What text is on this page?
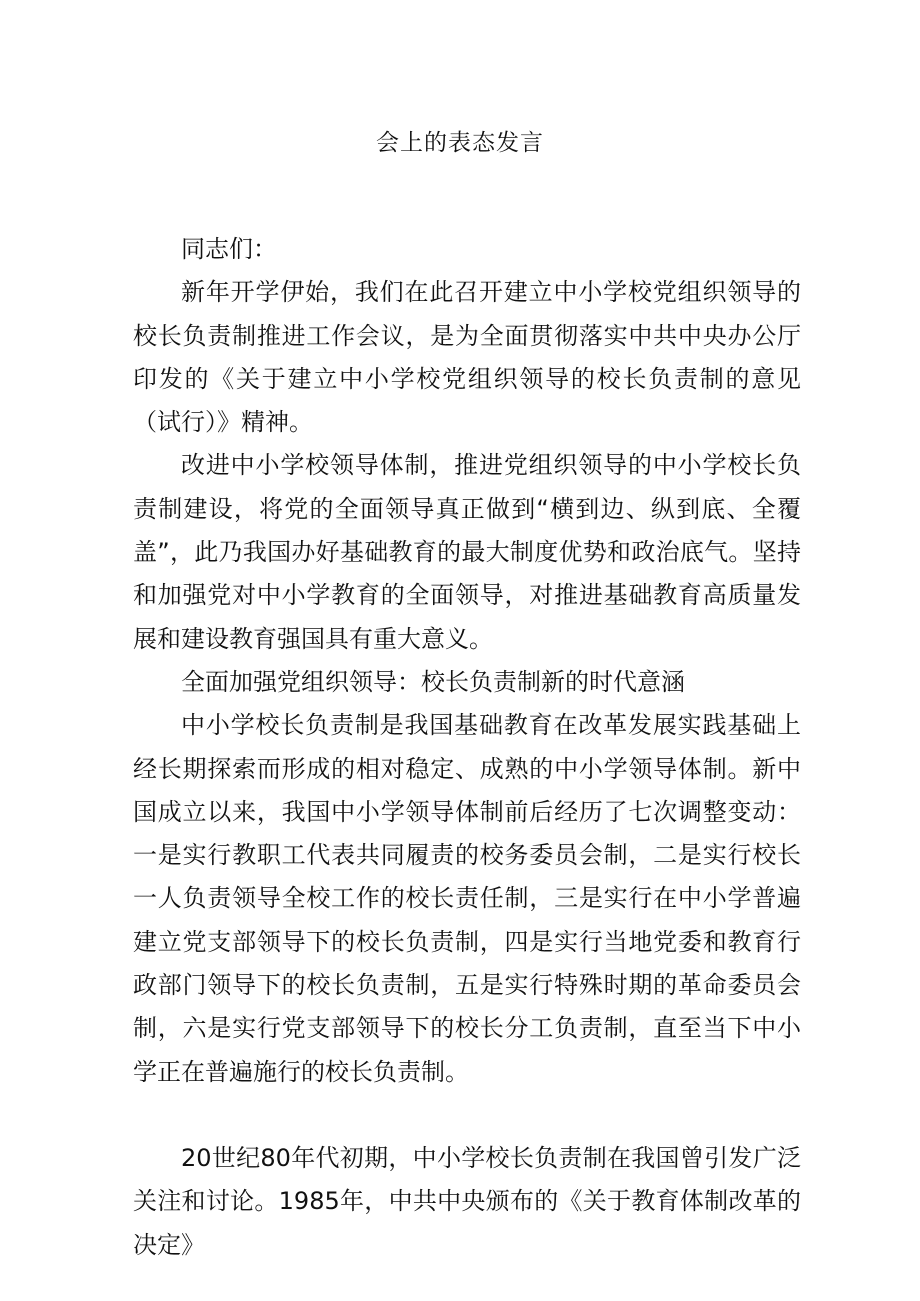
会上的表态发言

同志们：

新年开学伊始，我们在此召开建立中小学校党组织领导的校长负责制推进工作会议，是为全面贯彻落实中共中央办公厅印发的《关于建立中小学校党组织领导的校长负责制的意见（试行）》精神。

改进中小学校领导体制，推进党组织领导的中小学校长负责制建设，将党的全面领导真正做到“横到边、纵到底、全覆盖”，此乃我国办好基础教育的最大制度优势和政治底气。坚持和加强党对中小学教育的全面领导，对推进基础教育高质量发展和建设教育强国具有重大意义。

全面加强党组织领导：校长负责制新的时代意涵

中小学校长负责制是我国基础教育在改革发展实践基础上经长期探索而形成的相对稳定、成熟的中小学领导体制。新中国成立以来，我国中小学领导体制前后经历了七次调整变动：一是实行教职工代表共同履责的校务委员会制，二是实行校长一人负责领导全校工作的校长责任制，三是实行在中小学普遍建立党支部领导下的校长负责制，四是实行当地党委和教育行政部门领导下的校长负责制，五是实行特殊时期的革命委员会制，六是实行党支部领导下的校长分工负责制，直至当下中小学正在普遍施行的校长负责制。

20世纪80年代初期，中小学校长负责制在我国曾引发广泛关注和讨论。1985年，中共中央颁布的《关于教育体制改革的决定》
